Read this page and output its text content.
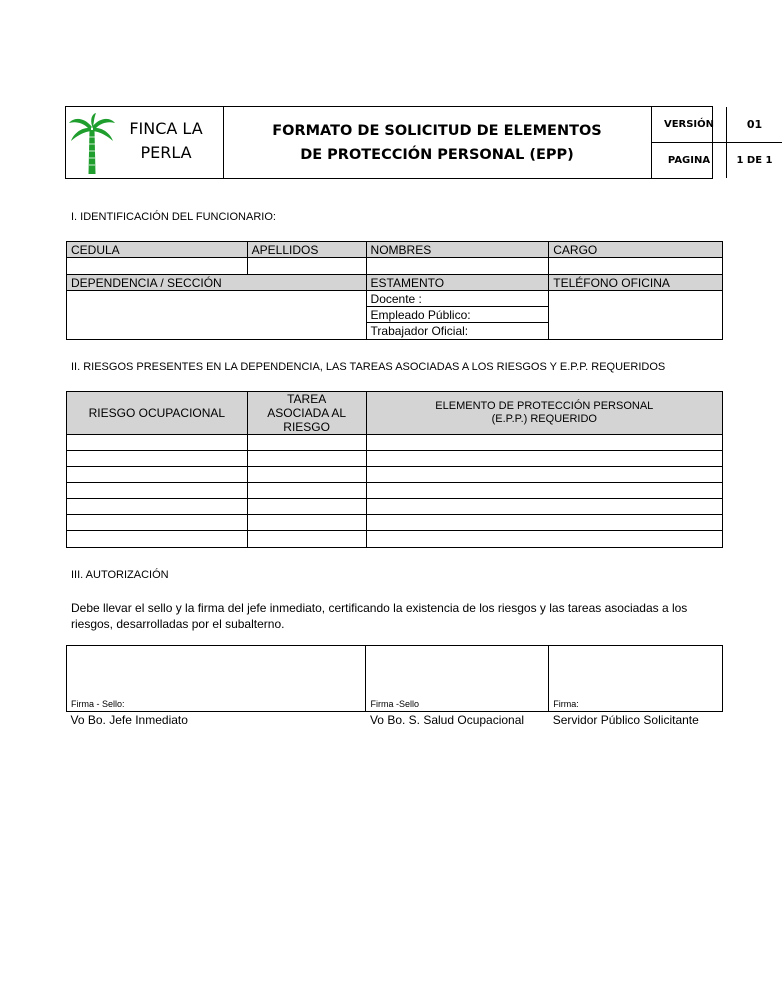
FINCA LA PERLA
FORMATO DE SOLICITUD DE ELEMENTOS DE PROTECCIÓN PERSONAL (EPP)
VERSIÓN	01
PAGINA	1 DE 1
I. IDENTIFICACIÓN DEL FUNCIONARIO:
CEDULA	APELLIDOS	NOMBRES	CARGO

DEPENDENCIA / SECCIÓN		ESTAMENTO	TELÉFONO OFICINA
		Docente :	
		Empleado Público:	
		Trabajador Oficial:	
II. RIESGOS PRESENTES EN LA DEPENDENCIA, LAS TAREAS ASOCIADAS A LOS RIESGOS Y E.P.P. REQUERIDOS
RIESGO OCUPACIONAL	TAREA ASOCIADA AL RIESGO	ELEMENTO DE PROTECCIÓN PERSONAL (E.P.P.) REQUERIDO

III. AUTORIZACIÓN
Debe llevar el sello y la firma del jefe inmediato, certificando la existencia de los riesgos y las tareas asociadas a los riesgos, desarrolladas por el subalterno.
Firma - Sello:	Firma -Sello	Firma:
Vo Bo. Jefe Inmediato	Vo Bo. S. Salud Ocupacional	Servidor Público Solicitante
